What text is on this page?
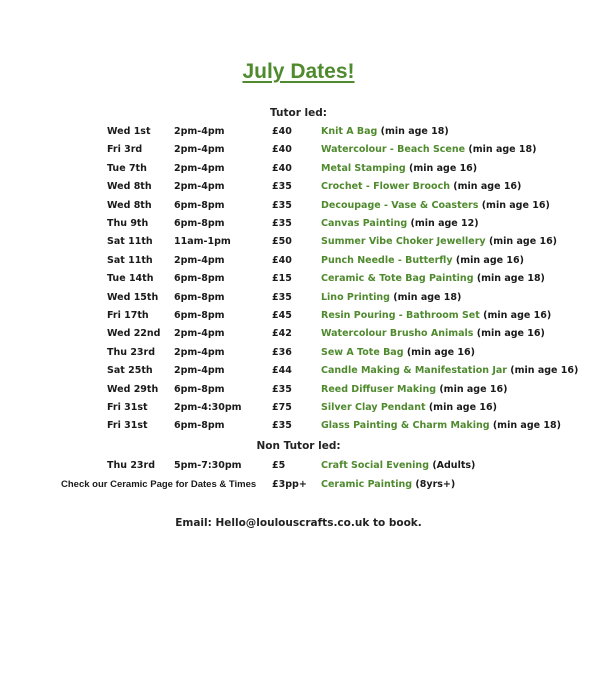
July Dates!
Tutor led:
Wed 1st 2pm-4pm	£40	Knit A Bag (min age 18)
Fri 3rd	2pm-4pm	£40	Watercolour - Beach Scene (min age 18)
Tue 7th	2pm-4pm	£40	Metal Stamping (min age 16)
Wed 8th 2pm-4pm	£35	Crochet - Flower Brooch (min age 16)
Wed 8th 6pm-8pm	£35	Decoupage - Vase & Coasters (min age 16)
Thu 9th	6pm-8pm	£35	Canvas Painting (min age 12)
Sat 11th 11am-1pm	£50	Summer Vibe Choker Jewellery (min age 16)
Sat 11th 2pm-4pm	£40	Punch Needle - Butterfly (min age 16)
Tue 14th 6pm-8pm	£15	Ceramic & Tote Bag Painting (min age 18)
Wed 15th 6pm-8pm	£35	Lino Printing (min age 18)
Fri 17th	6pm-8pm	£45	Resin Pouring - Bathroom Set (min age 16)
Wed 22nd 2pm-4pm	£42	Watercolour Brusho Animals (min age 16)
Thu 23rd 2pm-4pm	£36	Sew A Tote Bag (min age 16)
Sat 25th 2pm-4pm	£44	Candle Making & Manifestation Jar (min age 16)
Wed 29th 6pm-8pm	£35	Reed Diffuser Making (min age 16)
Fri 31st	2pm-4:30pm	£75	Silver Clay Pendant (min age 16)
Fri 31st	6pm-8pm	£35	Glass Painting & Charm Making (min age 18)
Non Tutor led:
Thu 23rd 5pm-7:30pm	£5	Craft Social Evening (Adults)
Check our Ceramic Page for Dates & Times £3pp+ Ceramic Painting (8yrs+)
Email: Hello@loulouscrafts.co.uk to book.
